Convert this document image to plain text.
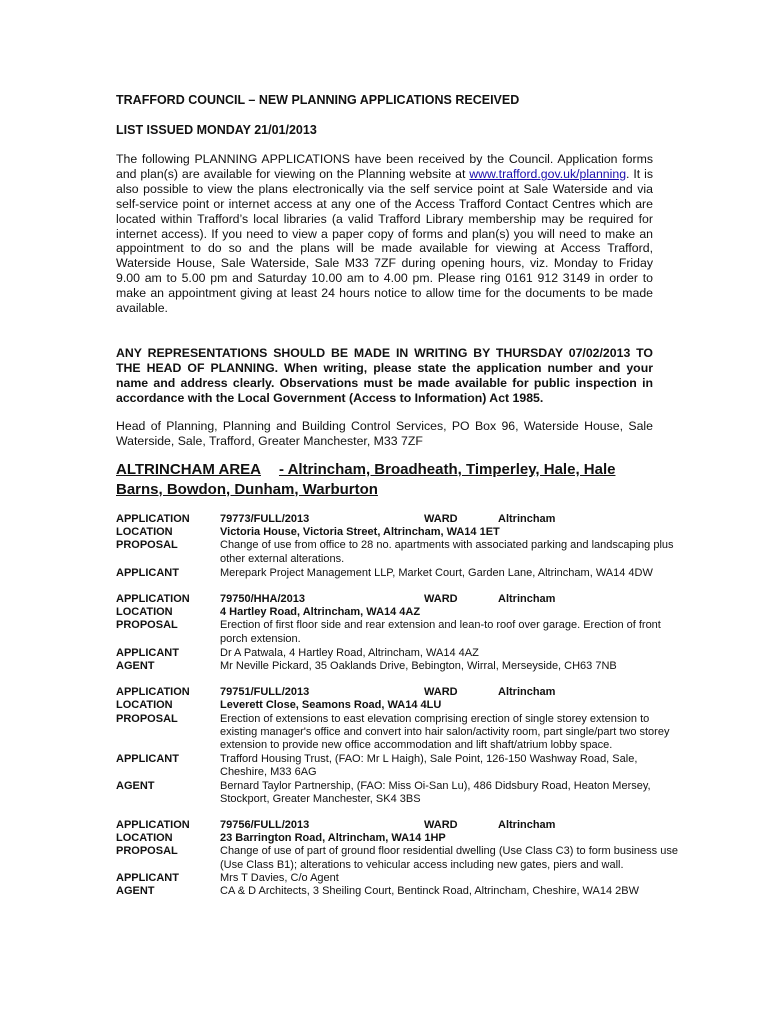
TRAFFORD COUNCIL – NEW PLANNING APPLICATIONS RECEIVED
LIST ISSUED MONDAY 21/01/2013

The following PLANNING APPLICATIONS have been received by the Council. Application forms and plan(s) are available for viewing on the Planning website at www.trafford.gov.uk/planning. It is also possible to view the plans electronically via the self service point at Sale Waterside and via self-service point or internet access at any one of the Access Trafford Contact Centres which are located within Trafford’s local libraries (a valid Trafford Library membership may be required for internet access). If you need to view a paper copy of forms and plan(s) you will need to make an appointment to do so and the plans will be made available for viewing at Access Trafford, Waterside House, Sale Waterside, Sale M33 7ZF during opening hours, viz. Monday to Friday 9.00 am to 5.00 pm and Saturday 10.00 am to 4.00 pm. Please ring 0161 912 3149 in order to make an appointment giving at least 24 hours notice to allow time for the documents to be made available.

ANY REPRESENTATIONS SHOULD BE MADE IN WRITING BY THURSDAY 07/02/2013 TO THE HEAD OF PLANNING. When writing, please state the application number and your name and address clearly. Observations must be made available for public inspection in accordance with the Local Government (Access to Information) Act 1985.

Head of Planning, Planning and Building Control Services, PO Box 96, Waterside House, Sale Waterside, Sale, Trafford, Greater Manchester, M33 7ZF

ALTRINCHAM AREA - Altrincham, Broadheath, Timperley, Hale, Hale Barns, Bowdon, Dunham, Warburton

APPLICATION	79773/FULL/2013	WARD	Altrincham
LOCATION	Victoria House, Victoria Street, Altrincham, WA14 1ET
PROPOSAL	Change of use from office to 28 no. apartments with associated parking and landscaping plus other external alterations.
APPLICANT	Merepark Project Management LLP, Market Court, Garden Lane, Altrincham, WA14 4DW
APPLICATION	79750/HHA/2013	WARD	Altrincham
LOCATION	4 Hartley Road, Altrincham, WA14 4AZ
PROPOSAL	Erection of first floor side and rear extension and lean-to roof over garage. Erection of front porch extension.
APPLICANT	Dr A Patwala, 4 Hartley Road, Altrincham, WA14 4AZ
AGENT	Mr Neville Pickard, 35 Oaklands Drive, Bebington, Wirral, Merseyside, CH63 7NB
APPLICATION	79751/FULL/2013	WARD	Altrincham
LOCATION	Leverett Close, Seamons Road, WA14 4LU
PROPOSAL	Erection of extensions to east elevation comprising erection of single storey extension to existing manager's office and convert into hair salon/activity room, part single/part two storey extension to provide new office accommodation and lift shaft/atrium lobby space.
APPLICANT	Trafford Housing Trust, (FAO: Mr L Haigh), Sale Point, 126-150 Washway Road, Sale, Cheshire, M33 6AG
AGENT	Bernard Taylor Partnership, (FAO: Miss Oi-San Lu), 486 Didsbury Road, Heaton Mersey, Stockport, Greater Manchester, SK4 3BS
APPLICATION	79756/FULL/2013	WARD	Altrincham
LOCATION	23 Barrington Road, Altrincham, WA14 1HP
PROPOSAL	Change of use of part of ground floor residential dwelling (Use Class C3) to form business use (Use Class B1); alterations to vehicular access including new gates, piers and wall.
APPLICANT	Mrs T Davies, C/o Agent
AGENT	CA & D Architects, 3 Sheiling Court, Bentinck Road, Altrincham, Cheshire, WA14 2BW
